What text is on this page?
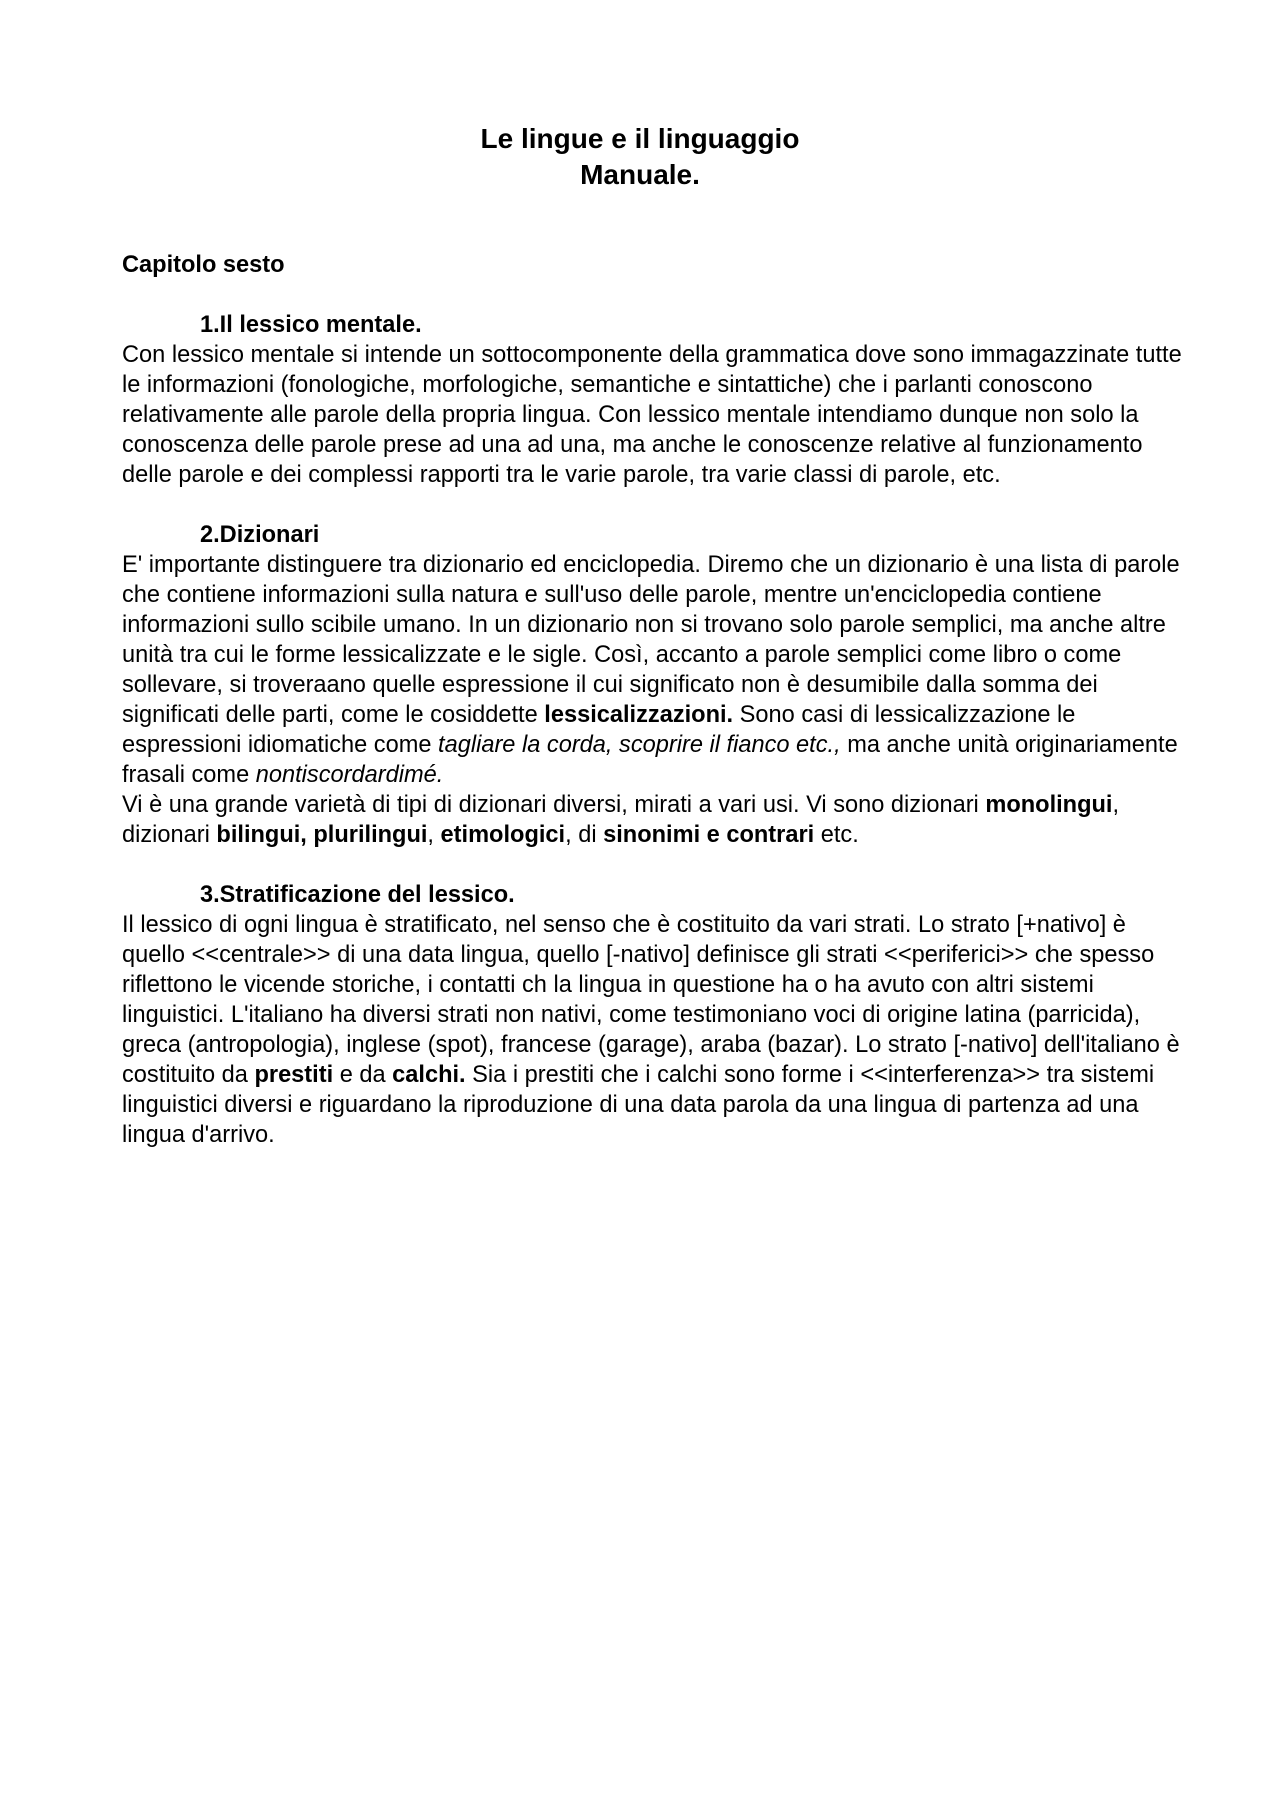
Le lingue e il linguaggio
Manuale.
Capitolo sesto
1.Il lessico mentale.

Con lessico mentale si intende un sottocomponente della grammatica dove sono immagazzinate tutte le informazioni (fonologiche, morfologiche, semantiche e sintattiche) che i parlanti conoscono relativamente alle parole della propria lingua. Con lessico mentale intendiamo dunque non solo la conoscenza delle parole prese ad una ad una, ma anche le conoscenze relative al funzionamento delle parole e dei complessi rapporti tra le varie parole, tra varie classi di parole, etc.

2.Dizionari

E' importante distinguere tra dizionario ed enciclopedia. Diremo che un dizionario è una lista di parole che contiene informazioni sulla natura e sull'uso delle parole, mentre un'enciclopedia contiene informazioni sullo scibile umano. In un dizionario non si trovano solo parole semplici, ma anche altre unità tra cui le forme lessicalizzate e le sigle. Così, accanto a parole semplici come libro o come sollevare, si troveraano quelle espressione il cui significato non è desumibile dalla somma dei significati delle parti, come le cosiddette lessicalizzazioni. Sono casi di lessicalizzazione le espressioni idiomatiche come tagliare la corda, scoprire il fianco etc., ma anche unità originariamente frasali come nontiscordardimé.

Vi è una grande varietà di tipi di dizionari diversi, mirati a vari usi. Vi sono dizionari monolingui, dizionari bilingui, plurilingui, etimologici, di sinonimi e contrari etc.

3.Stratificazione del lessico.

Il lessico di ogni lingua è stratificato, nel senso che è costituito da vari strati. Lo strato [+nativo] è quello <<centrale>> di una data lingua, quello [-nativo] definisce gli strati <<periferici>> che spesso riflettono le vicende storiche, i contatti ch la lingua in questione ha o ha avuto con altri sistemi linguistici. L'italiano ha diversi strati non nativi, come testimoniano voci di origine latina (parricida), greca (antropologia), inglese (spot), francese (garage), araba (bazar). Lo strato [-nativo] dell'italiano è costituito da prestiti e da calchi. Sia i prestiti che i calchi sono forme i <<interferenza>> tra sistemi linguistici diversi e riguardano la riproduzione di una data parola da una lingua di partenza ad una lingua d'arrivo.
